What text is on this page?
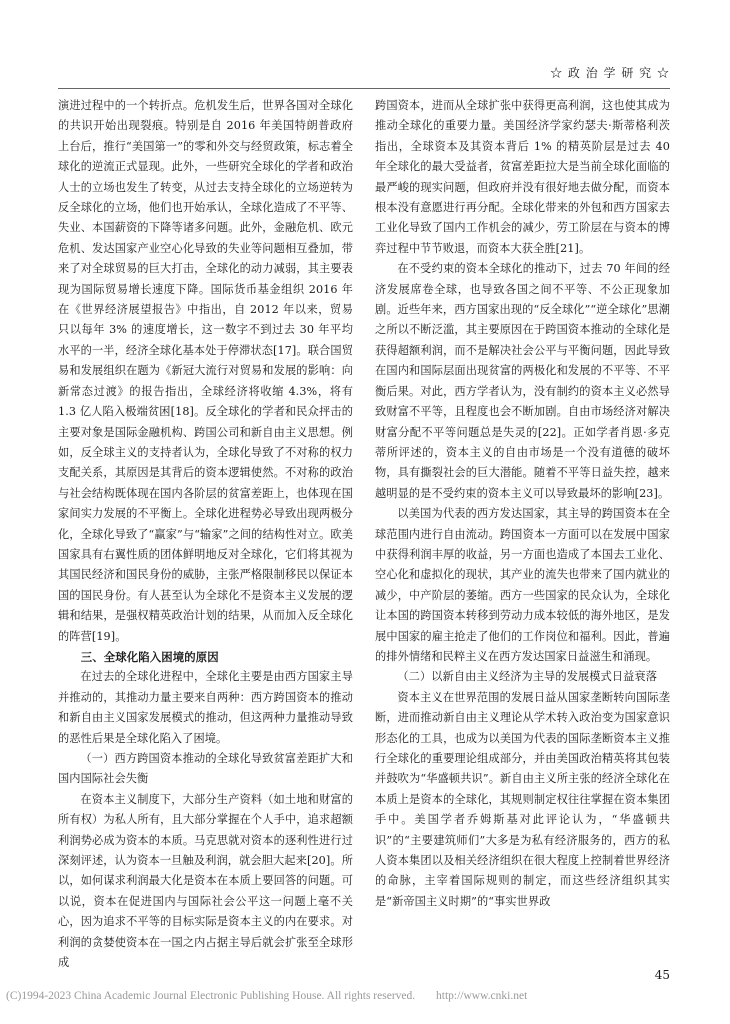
☆ 政 治 学 研 究 ☆

演进过程中的一个转折点。危机发生后，世界各国对全球化的共识开始出现裂痕。特别是自 2016 年美国特朗普政府上台后，推行“美国第一”的零和外交与经贸政策，标志着全球化的逆流正式显现。此外，一些研究全球化的学者和政治人士的立场也发生了转变，从过去支持全球化的立场逆转为反全球化的立场，他们也开始承认，全球化造成了不平等、失业、本国薪资的下降等诸多问题。此外，金融危机、欧元危机、发达国家产业空心化导致的失业等问题相互叠加，带来了对全球贸易的巨大打击，全球化的动力减弱，其主要表现为国际贸易增长速度下降。国际货币基金组织 2016 年在《世界经济展望报告》中指出，自 2012 年以来，贸易只以每年 3% 的速度增长，这一数字不到过去 30 年平均水平的一半，经济全球化基本处于停滞状态[17]。联合国贸易和发展组织在题为《新冠大流行对贸易和发展的影响：向新常态过渡》的报告指出，全球经济将收缩 4.3%，将有 1.3 亿人陷入极端贫困[18]。反全球化的学者和民众抨击的主要对象是国际金融机构、跨国公司和新自由主义思想。例如，反全球主义的支持者认为，全球化导致了不对称的权力支配关系，其原因是其背后的资本逻辑使然。不对称的政治与社会结构既体现在国内各阶层的贫富差距上，也体现在国家间实力发展的不平衡上。全球化进程势必导致出现两极分化，全球化导致了“赢家”与“输家”之间的结构性对立。欧美国家具有右翼性质的团体鲜明地反对全球化，它们将其视为其国民经济和国民身份的威胁，主张严格限制移民以保证本国的国民身份。有人甚至认为全球化不是资本主义发展的逻辑和结果，是强权精英政治计划的结果，从而加入反全球化的阵营[19]。

三、全球化陷入困境的原因

在过去的全球化进程中，全球化主要是由西方国家主导并推动的，其推动力量主要来自两种：西方跨国资本的推动和新自由主义国家发展模式的推动，但这两种力量推动导致的恶性后果是全球化陷入了困境。

（一）西方跨国资本推动的全球化导致贫富差距扩大和国内国际社会失衡

在资本主义制度下，大部分生产资料（如土地和财富的所有权）为私人所有，且大部分掌握在个人手中，追求超额利润势必成为资本的本质。马克思就对资本的逐利性进行过深刻评述，认为资本一旦触及利润，就会胆大起来[20]。所以，如何谋求利润最大化是资本在本质上要回答的问题。可以说，资本在促进国内与国际社会公平这一问题上毫不关心，因为追求不平等的目标实际是资本主义的内在要求。对利润的贪婪使资本在一国之内占据主导后就会扩张至全球形成

跨国资本，进而从全球扩张中获得更高利润，这也使其成为推动全球化的重要力量。美国经济学家约瑟夫·斯蒂格利茨指出，全球资本及其资本背后 1% 的精英阶层是过去 40 年全球化的最大受益者，贫富差距拉大是当前全球化面临的最严峻的现实问题，但政府并没有很好地去做分配，而资本根本没有意愿进行再分配。全球化带来的外包和西方国家去工业化导致了国内工作机会的减少，劳工阶层在与资本的博弈过程中节节败退，而资本大获全胜[21]。

在不受约束的资本全球化的推动下，过去 70 年间的经济发展席卷全球，也导致各国之间不平等、不公正现象加剧。近些年来，西方国家出现的“反全球化”“逆全球化”思潮之所以不断泛滥，其主要原因在于跨国资本推动的全球化是获得超额利润，而不是解决社会公平与平衡问题，因此导致在国内和国际层面出现贫富的两极化和发展的不平等、不平衡后果。对此，西方学者认为，没有制约的资本主义必然导致财富不平等，且程度也会不断加剧。自由市场经济对解决财富分配不平等问题总是失灵的[22]。正如学者肖恩·多克蒂所评述的，资本主义的自由市场是一个没有道德的破坏物，具有撕裂社会的巨大潜能。随着不平等日益失控，越来越明显的是不受约束的资本主义可以导致最坏的影响[23]。

以美国为代表的西方发达国家，其主导的跨国资本在全球范围内进行自由流动。跨国资本一方面可以在发展中国家中获得利润丰厚的收益，另一方面也造成了本国去工业化、空心化和虚拟化的现状，其产业的流失也带来了国内就业的减少，中产阶层的萎缩。西方一些国家的民众认为，全球化让本国的跨国资本转移到劳动力成本较低的海外地区，是发展中国家的雇主抢走了他们的工作岗位和福利。因此，普遍的排外情绪和民粹主义在西方发达国家日益滋生和涌现。

（二）以新自由主义经济为主导的发展模式日益衰落

资本主义在世界范围的发展日益从国家垄断转向国际垄断，进而推动新自由主义理论从学术转入政治变为国家意识形态化的工具，也成为以美国为代表的国际垄断资本主义推行全球化的重要理论组成部分，并由美国政治精英将其包装并鼓吹为“华盛顿共识”。新自由主义所主张的经济全球化在本质上是资本的全球化，其规则制定权往往掌握在资本集团手中。美国学者乔姆斯基对此评论认为，“华盛顿共识”的“主要建筑师们”大多是为私有经济服务的，西方的私人资本集团以及相关经济组织在很大程度上控制着世界经济的命脉，主宰着国际规则的制定，而这些经济组织其实是“新帝国主义时期”的“事实世界政

45
(C)1994-2023 China Academic Journal Electronic Publishing House. All rights reserved. http://www.cnki.net
